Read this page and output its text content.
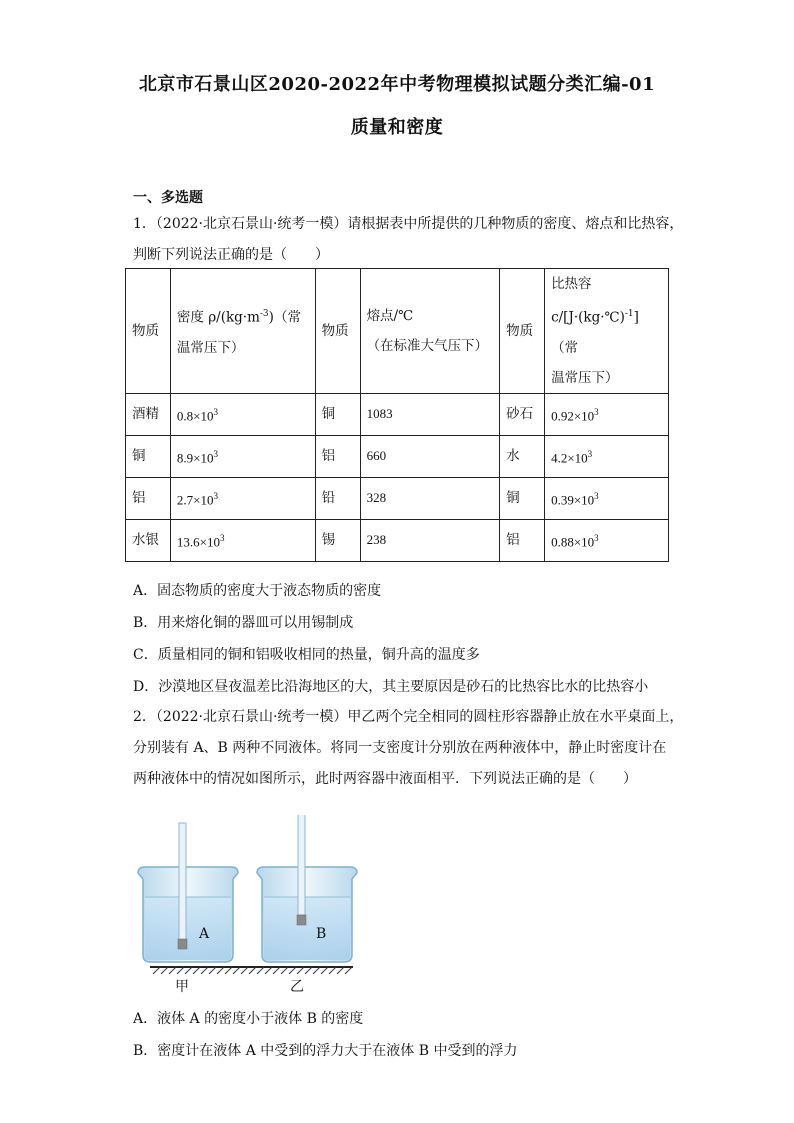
北京市石景山区2020-2022年中考物理模拟试题分类汇编-01
质量和密度
一、多选题
1．（2022·北京石景山·统考一模）请根据表中所提供的几种物质的密度、熔点和比热容，
判断下列说法正确的是（　　）
物质	密度 $\rho/(kg\cdot m^{-3})$（常
温常压下）	物质	熔点/℃
（在标准大气压下）	物质	比热容
c/[J·(kg·℃)$^{-1}$]（常
温常压下）
酒精	$0.8\times 10^3$	铜	1083	砂石	$0.92\times 10^3$
铜	$8.9\times 10^3$	铝	660	水	$4.2\times 10^3$
铝	$2.7\times 10^3$	铅	328	铜	$0.39\times 10^3$
水银	$13.6\times 10^3$	锡	238	铝	$0.88\times 10^3$
A．固态物质的密度大于液态物质的密度
B．用来熔化铜的器皿可以用锡制成
C．质量相同的铜和铝吸收相同的热量，铜升高的温度多
D．沙漠地区昼夜温差比沿海地区的大，其主要原因是砂石的比热容比水的比热容小
2．（2022·北京石景山·统考一模）甲乙两个完全相同的圆柱形容器静止放在水平桌面上，
分别装有 A、B 两种不同液体。将同一支密度计分别放在两种液体中，静止时密度计在
两种液体中的情况如图所示，此时两容器中液面相平．下列说法正确的是（　　）
A	B
甲	乙
A．液体 A 的密度小于液体 B 的密度
B．密度计在液体 A 中受到的浮力大于在液体 B 中受到的浮力
